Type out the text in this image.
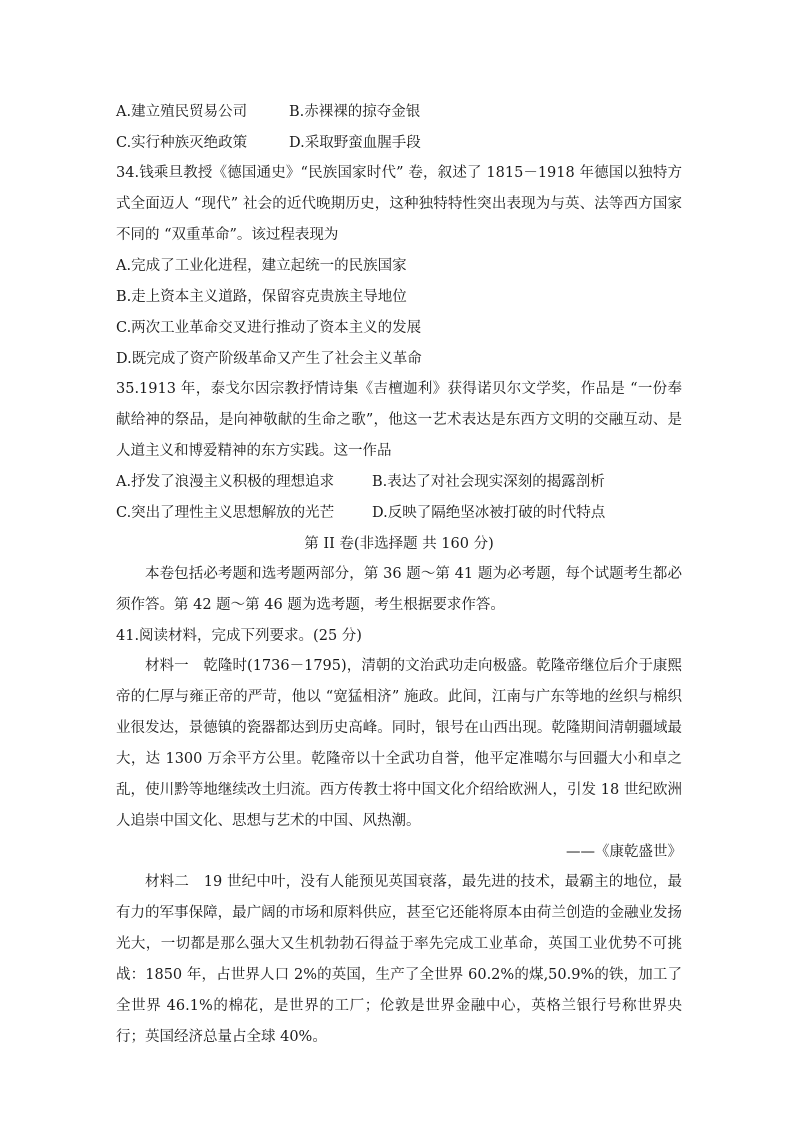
A.建立殖民贸易公司	B.赤裸裸的掠夺金银
C.实行种族灭绝政策	D.采取野蛮血腥手段

34.钱乘旦教授《德国通史》“民族国家时代” 卷，叙述了 1815－1918 年德国以独特方式全面迈人 “现代” 社会的近代晚期历史，这种独特特性突出表现为与英、法等西方国家不同的 “双重革命”。该过程表现为

A.完成了工业化进程，建立起统一的民族国家
B.走上资本主义道路，保留容克贵族主导地位
C.两次工业革命交叉进行推动了资本主义的发展
D.既完成了资产阶级革命又产生了社会主义革命

35.1913 年，泰戈尔因宗教抒情诗集《吉檀迦利》获得诺贝尔文学奖，作品是 “一份奉献给神的祭品，是向神敬献的生命之歌”，他这一艺术表达是东西方文明的交融互动、是人道主义和博爱精神的东方实践。这一作品

A.抒发了浪漫主义积极的理想追求	B.表达了对社会现实深刻的揭露剖析
C.突出了理性主义思想解放的光芒	D.反映了隔绝坚冰被打破的时代特点
第 II 卷(非选择题 共 160 分)

本卷包括必考题和选考题两部分，第 36 题～第 41 题为必考题，每个试题考生都必须作答。第 42 题～第 46 题为选考题，考生根据要求作答。

41.阅读材料，完成下列要求。(25 分)

材料一　乾隆时(1736－1795)，清朝的文治武功走向极盛。乾隆帝继位后介于康熙帝的仁厚与雍正帝的严苛，他以 “宽猛相济” 施政。此间，江南与广东等地的丝织与棉织业很发达，景德镇的瓷器都达到历史高峰。同时，银号在山西出现。乾隆期间清朝疆域最大，达 1300 万余平方公里。乾隆帝以十全武功自誉，他平定准噶尔与回疆大小和卓之乱，使川黔等地继续改土归流。西方传教士将中国文化介绍给欧洲人，引发 18 世纪欧洲人追崇中国文化、思想与艺术的中国、风热潮。

——《康乾盛世》

材料二　19 世纪中叶，没有人能预见英国衰落，最先进的技术，最霸主的地位，最有力的军事保障，最广阔的市场和原料供应，甚至它还能将原本由荷兰创造的金融业发扬光大，一切都是那么强大又生机勃勃石得益于率先完成工业革命，英国工业优势不可挑战：1850 年，占世界人口 2%的英国，生产了全世界 60.2%的煤,50.9%的铁，加工了全世界 46.1%的棉花，是世界的工厂；伦敦是世界金融中心，英格兰银行号称世界央行；英国经济总量占全球 40%。
